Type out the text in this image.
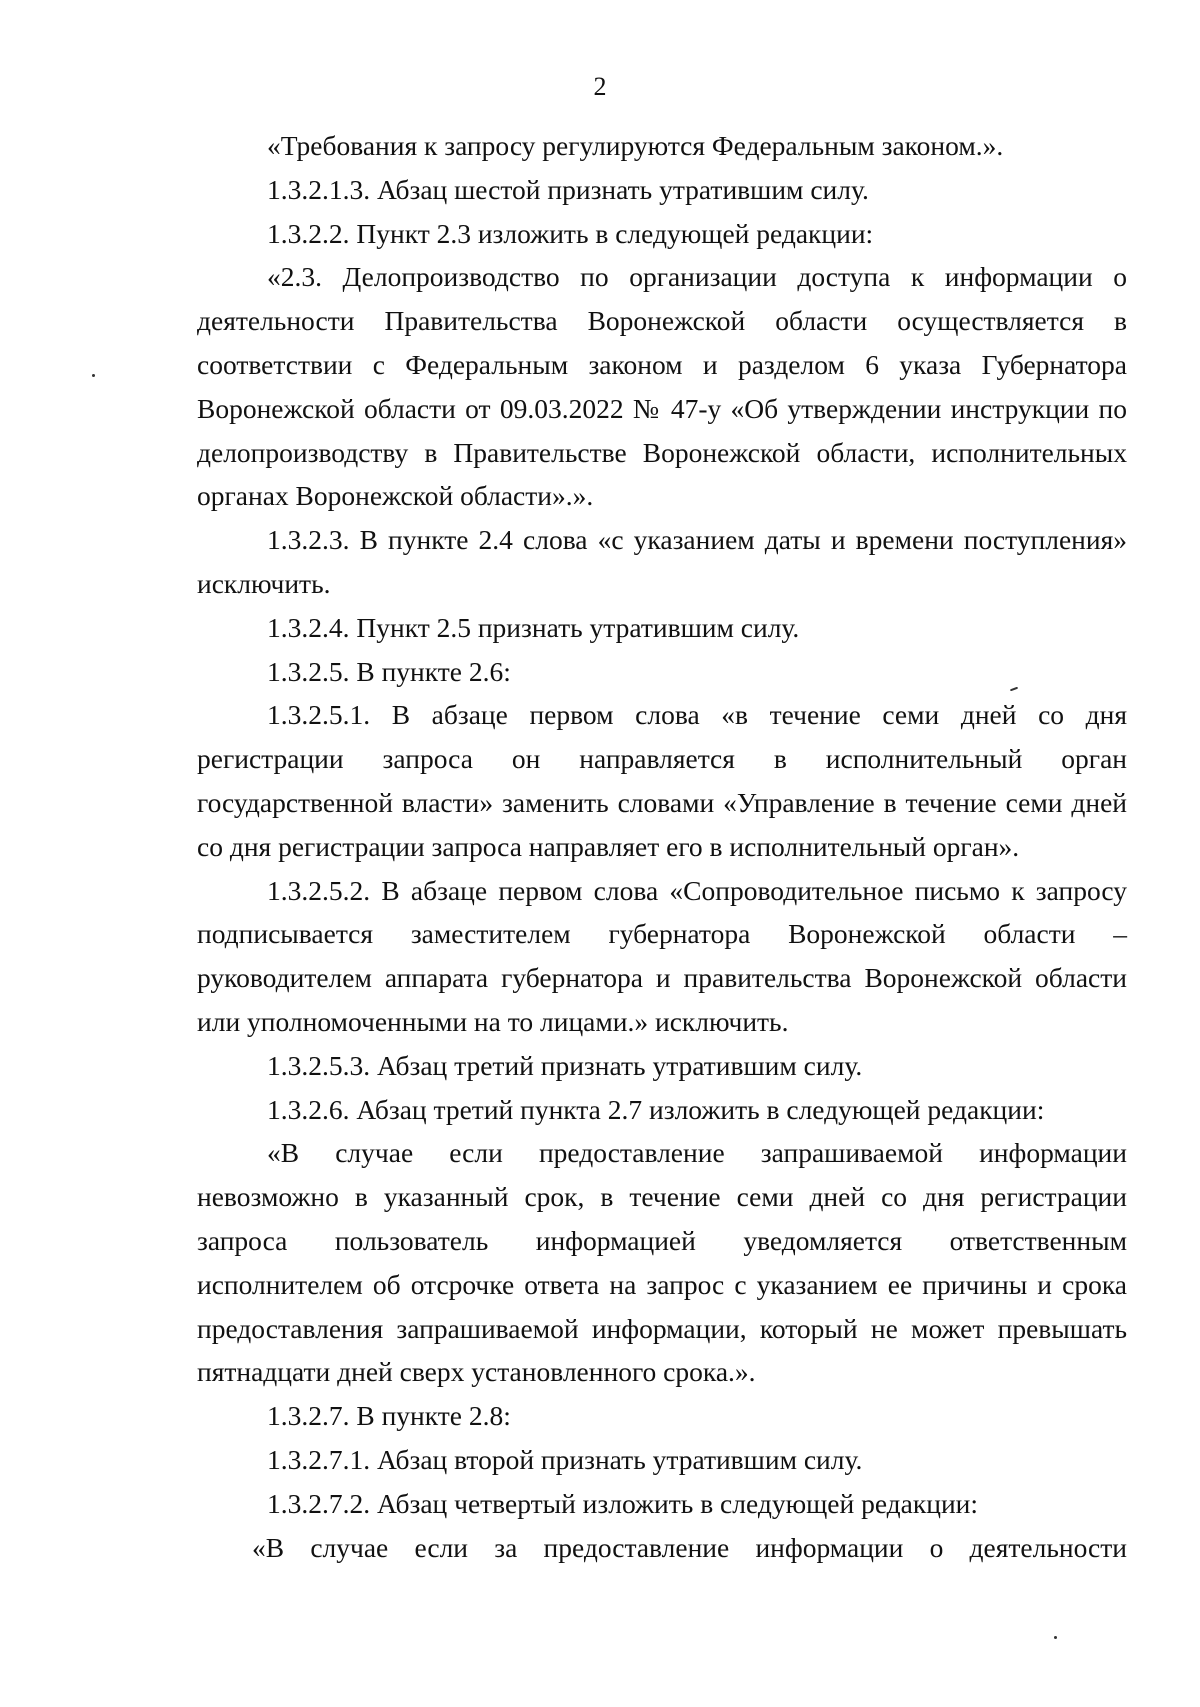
2

«Требования к запросу регулируются Федеральным законом.».

1.3.2.1.3. Абзац шестой признать утратившим силу.

1.3.2.2. Пункт 2.3 изложить в следующей редакции:

«2.3. Делопроизводство по организации доступа к информации о деятельности Правительства Воронежской области осуществляется в соответствии с Федеральным законом и разделом 6 указа Губернатора Воронежской области от 09.03.2022 № 47-у «Об утверждении инструкции по делопроизводству в Правительстве Воронежской области, исполнительных органах Воронежской области».».

1.3.2.3. В пункте 2.4 слова «с указанием даты и времени поступления» исключить.

1.3.2.4. Пункт 2.5 признать утратившим силу.

1.3.2.5. В пункте 2.6:

1.3.2.5.1. В абзаце первом слова «в течение семи дней со дня регистрации запроса он направляется в исполнительный орган государственной власти» заменить словами «Управление в течение семи дней со дня регистрации запроса направляет его в исполнительный орган».

1.3.2.5.2. В абзаце первом слова «Сопроводительное письмо к запросу подписывается заместителем губернатора Воронежской области – руководителем аппарата губернатора и правительства Воронежской области или уполномоченными на то лицами.» исключить.

1.3.2.5.3. Абзац третий признать утратившим силу.

1.3.2.6. Абзац третий пункта 2.7 изложить в следующей редакции:

«В случае если предоставление запрашиваемой информации невозможно в указанный срок, в течение семи дней со дня регистрации запроса пользователь информацией уведомляется ответственным исполнителем об отсрочке ответа на запрос с указанием ее причины и срока предоставления запрашиваемой информации, который не может превышать пятнадцати дней сверх установленного срока.».

1.3.2.7. В пункте 2.8:

1.3.2.7.1. Абзац второй признать утратившим силу.

1.3.2.7.2. Абзац четвертый изложить в следующей редакции:

«В случае если за предоставление информации о деятельности
